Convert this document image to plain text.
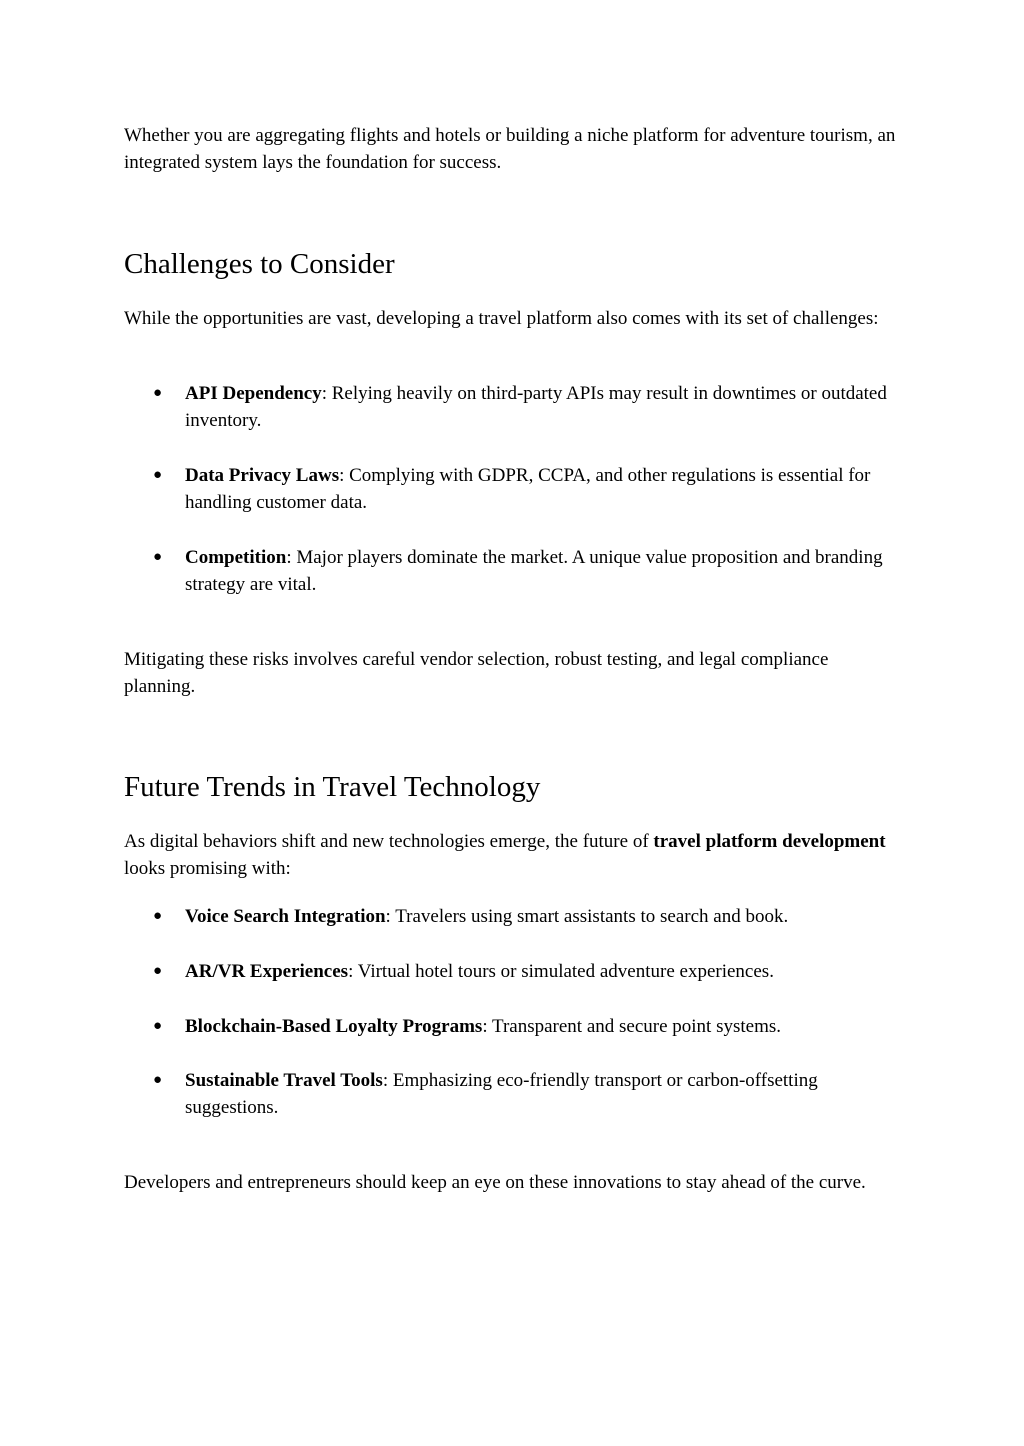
Whether you are aggregating flights and hotels or building a niche platform for adventure tourism, an integrated system lays the foundation for success.

Challenges to Consider

While the opportunities are vast, developing a travel platform also comes with its set of challenges:

● API Dependency: Relying heavily on third-party APIs may result in downtimes or outdated inventory.
● Data Privacy Laws: Complying with GDPR, CCPA, and other regulations is essential for handling customer data.
● Competition: Major players dominate the market. A unique value proposition and branding strategy are vital.

Mitigating these risks involves careful vendor selection, robust testing, and legal compliance planning.

Future Trends in Travel Technology

As digital behaviors shift and new technologies emerge, the future of travel platform development looks promising with:

● Voice Search Integration: Travelers using smart assistants to search and book.
● AR/VR Experiences: Virtual hotel tours or simulated adventure experiences.
● Blockchain-Based Loyalty Programs: Transparent and secure point systems.
● Sustainable Travel Tools: Emphasizing eco-friendly transport or carbon-offsetting suggestions.

Developers and entrepreneurs should keep an eye on these innovations to stay ahead of the curve.
